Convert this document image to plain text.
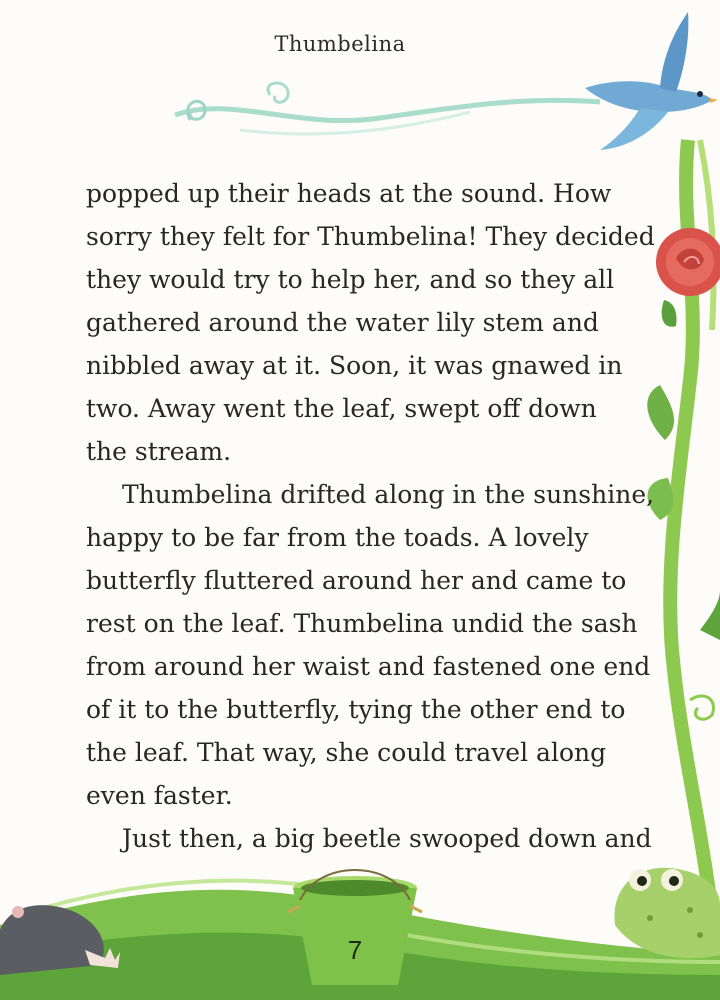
Thumbelina
popped up their heads at the sound. How
sorry they felt for Thumbelina! They decided
they would try to help her, and so they all
gathered around the water lily stem and
nibbled away at it. Soon, it was gnawed in
two. Away went the leaf, swept off down
the stream.
Thumbelina drifted along in the sunshine,
happy to be far from the toads. A lovely
butterfly fluttered around her and came to
rest on the leaf. Thumbelina undid the sash
from around her waist and fastened one end
of it to the butterfly, tying the other end to
the leaf. That way, she could travel along
even faster.
Just then, a big beetle swooped down and
7
